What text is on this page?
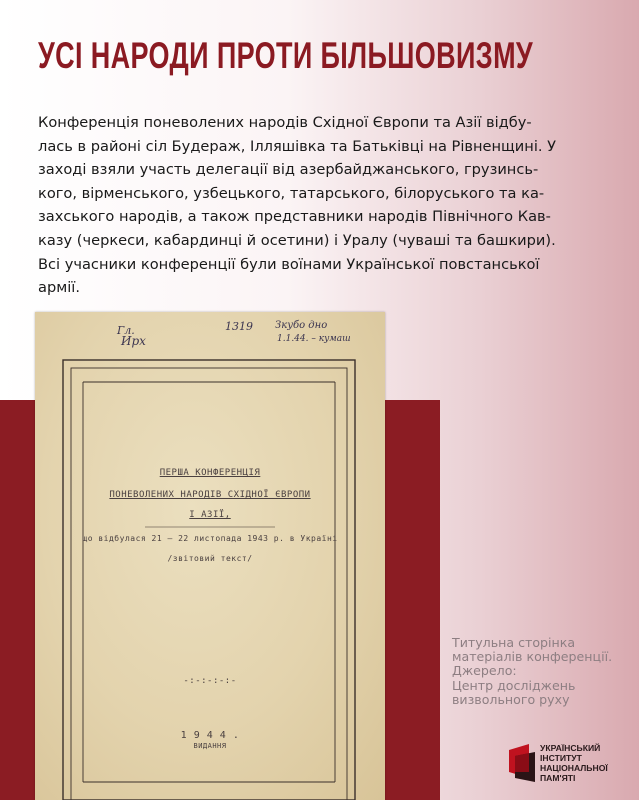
УСІ НАРОДИ ПРОТИ БІЛЬШОВИЗМУ
Конференція поневолених народів Східної Європи та Азії відбу-
лась в районі сіл Будераж, Ілляшівка та Батьківці на Рівненщині. У
заході взяли участь делегації від азербайджанського, грузинсь-
кого, вірменського, узбецького, татарського, білоруського та ка-
захського народів, а також представники народів Північного Кав-
казу (черкеси, кабардинці й осетини) і Уралу (чуваші та башкири).
Всі учасники конференції були воїнами Української повстанської
армії.
Гл.
Ирх
1319 Зкубо дно
1.1.44. – кумаш
ПЕРША КОНФЕРЕНЦІЯ
ПОНЕВОЛЕНИХ НАРОДІВ СХІДНОЇ ЄВРОПИ
І АЗІЇ,
що відбулася 21 – 22 листопада 1943 р. в Україні
/звітовий текст/
-:-:-:-:-
1 9 4 4 .
ВИДАННЯ
Титульна сторінка
матеріалів конференції.
Джерело:
Центр досліджень
визвольного руху
УКРАЇНСЬКИЙ
ІНСТИТУТ
НАЦІОНАЛЬНОЇ
ПАМ'ЯТІ
